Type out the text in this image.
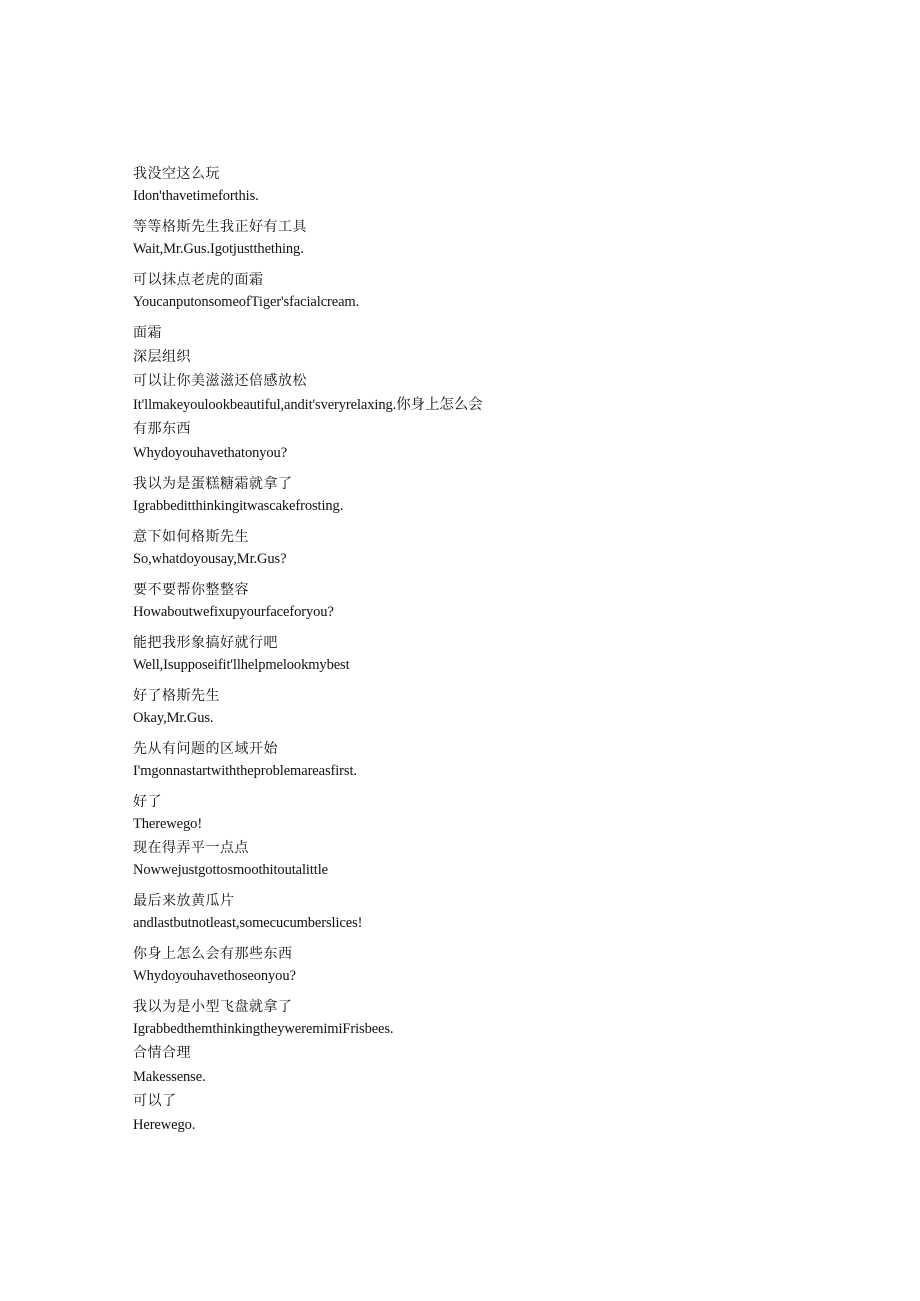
我没空这么玩
Idon'thavetimeforthis.
等等格斯先生我正好有工具
Wait,Mr.Gus.Igotjustthething.
可以抹点老虎的面霜
YoucanputonsomeofTiger'sfacialcream.
面霜
深层组织
可以让你美滋滋还倍感放松
It'llmakeyoulookbeautiful,andit'sveryrelaxing.你身上怎么会
有那东西
Whydoyouhavethatonyou?
我以为是蛋糕糖霜就拿了
Igrabbeditthinkingitwascakefrosting.
意下如何格斯先生
So,whatdoyousay,Mr.Gus?
要不要帮你整整容
Howaboutwefixupyourfaceforyou?
能把我形象搞好就行吧
Well,Isupposeifit'llhelpmelookmybest
好了格斯先生
Okay,Mr.Gus.
先从有问题的区域开始
I'mgonnastartwiththeproblemareasfirst.
好了
Therewego!
现在得弄平一点点
Nowwejustgottosmoothitoutalittle
最后来放黄瓜片
andlastbutnotleast,somecucumberslices!
你身上怎么会有那些东西
Whydoyouhavethoseonyou?
我以为是小型飞盘就拿了
IgrabbedthemthinkingtheyweremimiFrisbees.
合情合理
Makessense.
可以了
Herewego.
